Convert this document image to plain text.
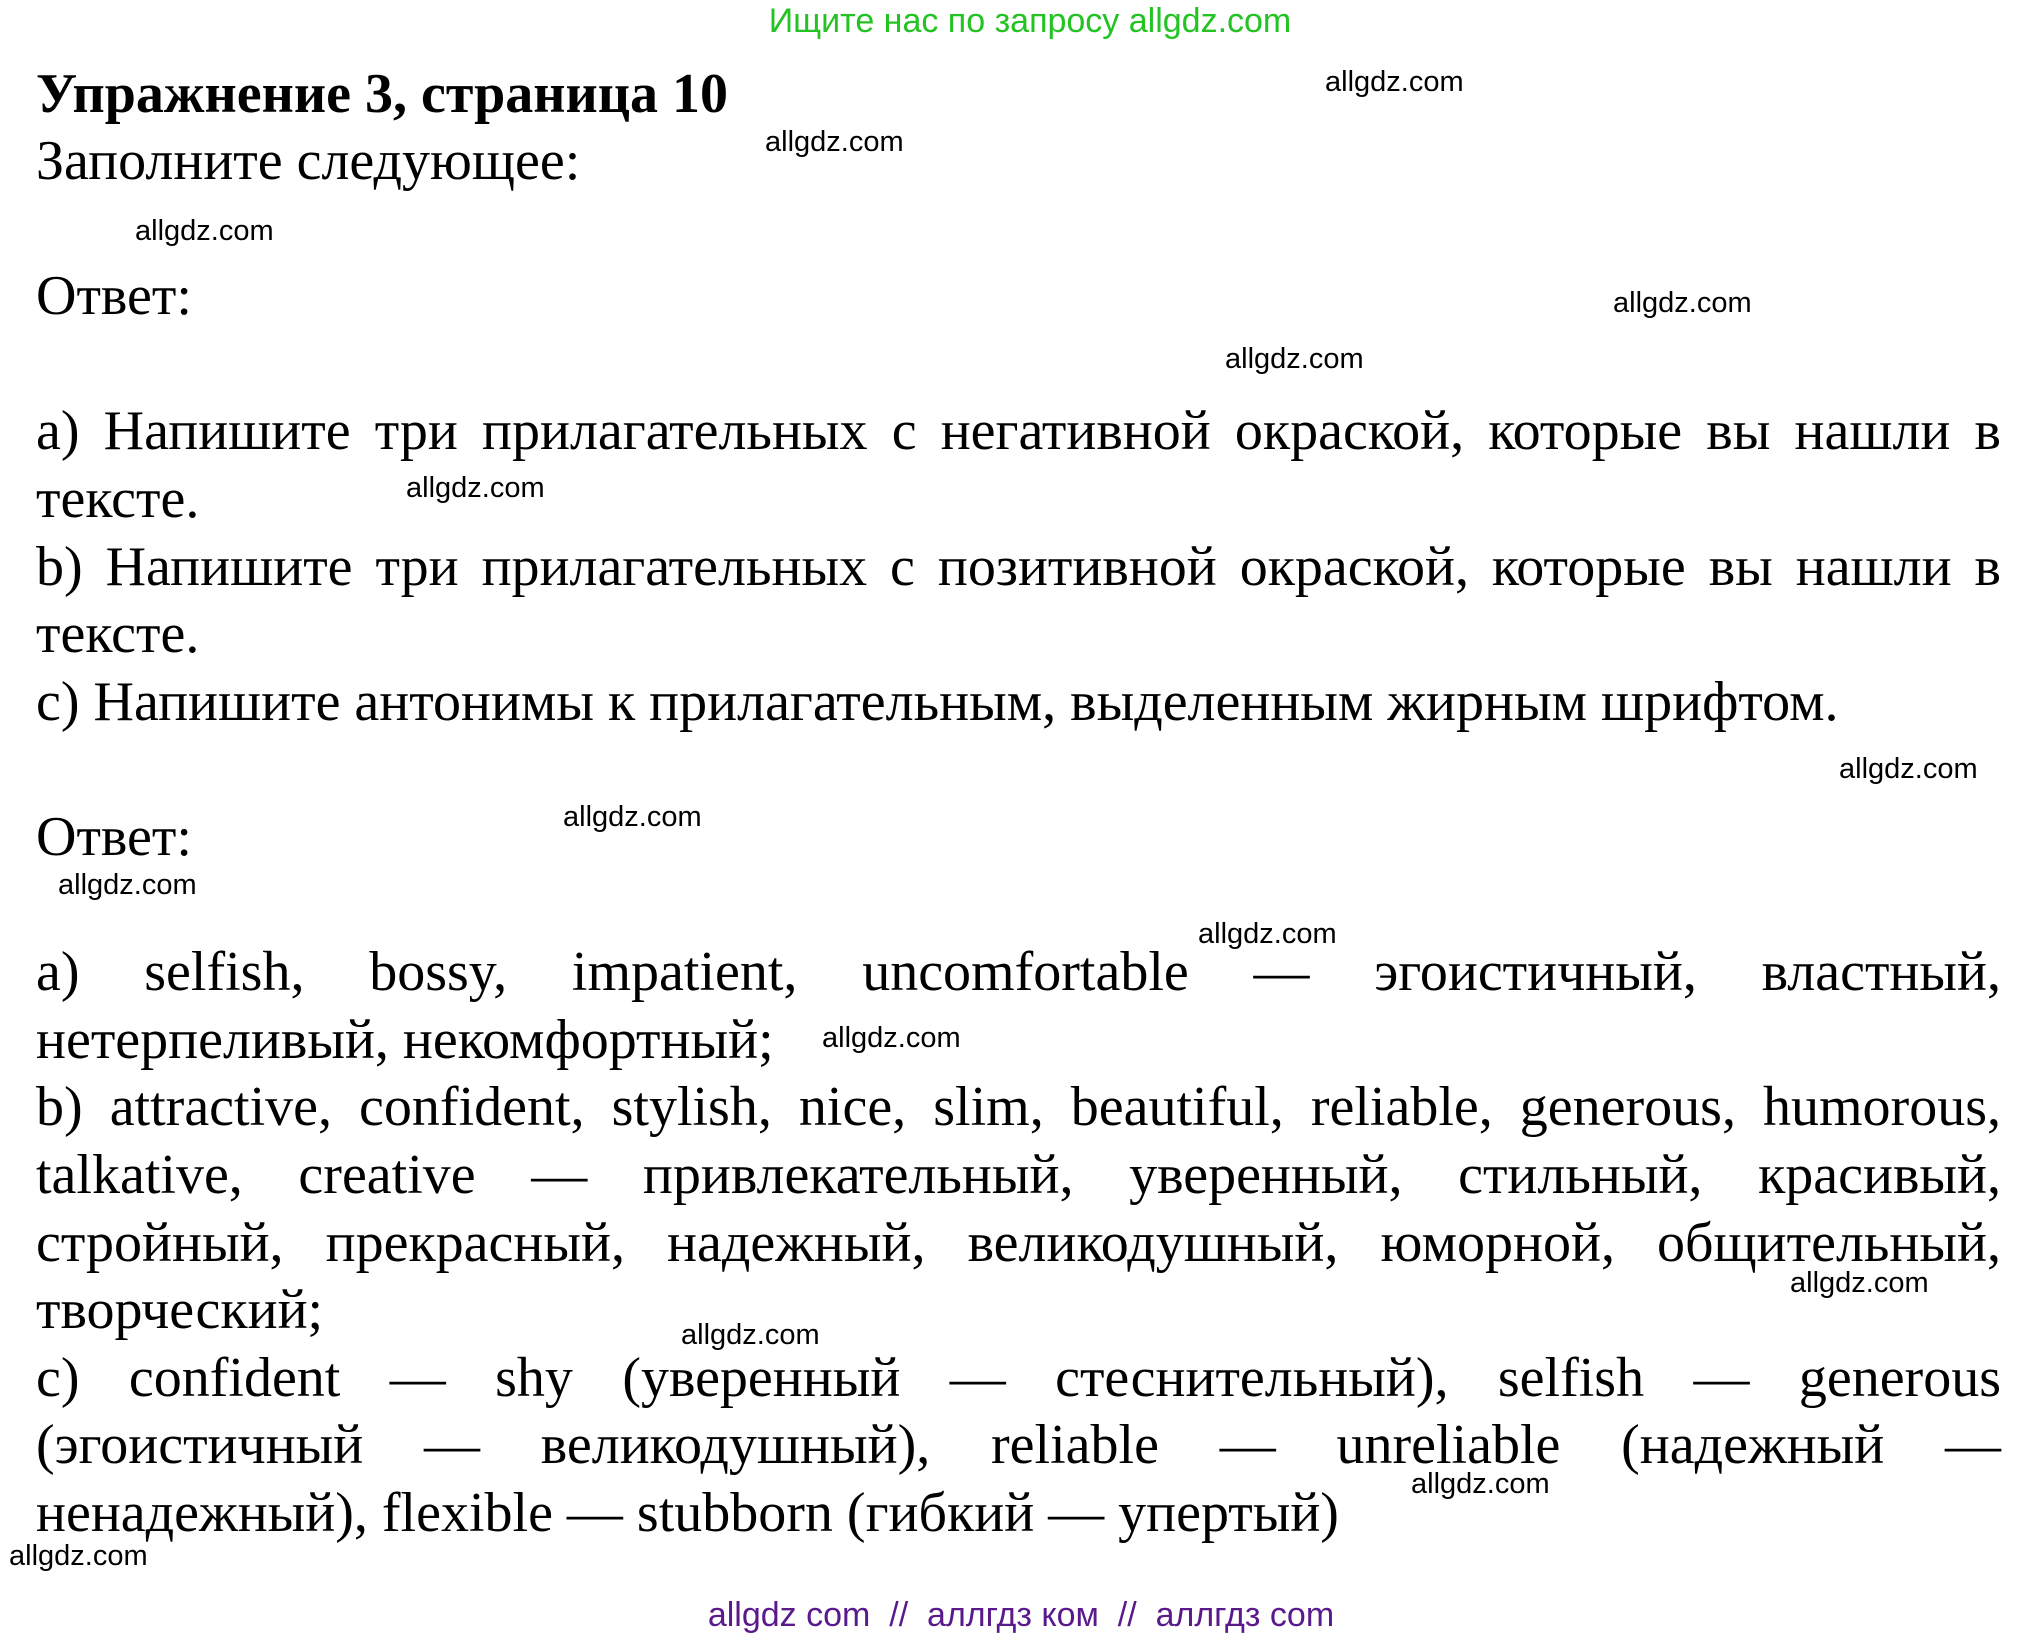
Ищите нас по запросу allgdz.com
Упражнение 3, страница 10
Заполните следующее:
Ответ:
a) Напишите три прилагательных с негативной окраской, которые вы нашли в
тексте.
b) Напишите три прилагательных с позитивной окраской, которые вы нашли в
тексте.
c) Напишите антонимы к прилагательным, выделенным жирным шрифтом.
Ответ:
a) selfish, bossy, impatient, uncomfortable — эгоистичный, властный,
нетерпеливый, некомфортный;
b) attractive, confident, stylish, nice, slim, beautiful, reliable, generous, humorous,
talkative, creative — привлекательный, уверенный, стильный, красивый,
стройный, прекрасный, надежный, великодушный, юморной, общительный,
творческий;
c) confident — shy (уверенный — стеснительный), selfish — generous
(эгоистичный — великодушный), reliable — unreliable (надежный —
ненадежный), flexible — stubborn (гибкий — упертый)
allgdz.com
allgdz.com
allgdz.com
allgdz.com
allgdz.com
allgdz.com
allgdz.com
allgdz.com
allgdz.com
allgdz.com
allgdz.com
allgdz.com
allgdz.com
allgdz.com
allgdz.com
allgdz com  //  аллгдз ком  //  аллгдз com
